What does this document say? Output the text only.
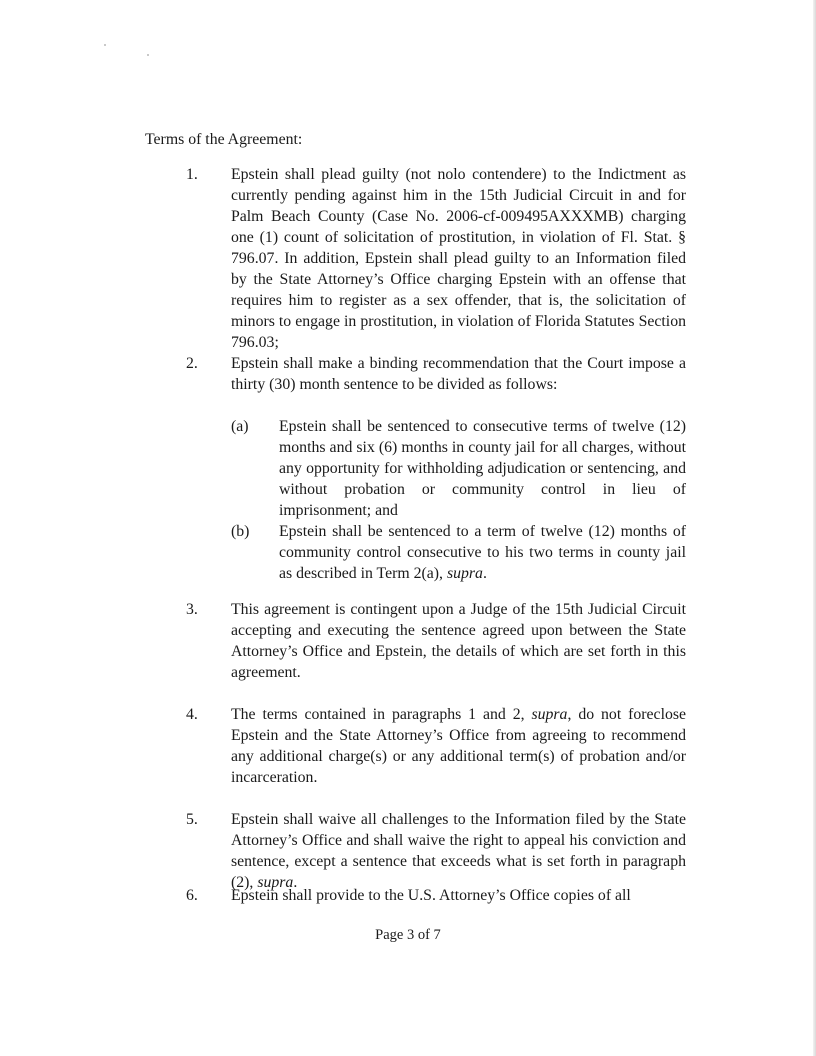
Terms of the Agreement:
1.	Epstein shall plead guilty (not nolo contendere) to the Indictment as currently pending against him in the 15th Judicial Circuit in and for Palm Beach County (Case No. 2006-cf-009495AXXXMB) charging one (1) count of solicitation of prostitution, in violation of Fl. Stat. § 796.07. In addition, Epstein shall plead guilty to an Information filed by the State Attorney’s Office charging Epstein with an offense that requires him to register as a sex offender, that is, the solicitation of minors to engage in prostitution, in violation of Florida Statutes Section 796.03;
2.	Epstein shall make a binding recommendation that the Court impose a thirty (30) month sentence to be divided as follows:
(a)	Epstein shall be sentenced to consecutive terms of twelve (12) months and six (6) months in county jail for all charges, without any opportunity for withholding adjudication or sentencing, and without probation or community control in lieu of imprisonment; and
(b)	Epstein shall be sentenced to a term of twelve (12) months of community control consecutive to his two terms in county jail as described in Term 2(a), supra.
3.	This agreement is contingent upon a Judge of the 15th Judicial Circuit accepting and executing the sentence agreed upon between the State Attorney’s Office and Epstein, the details of which are set forth in this agreement.
4.	The terms contained in paragraphs 1 and 2, supra, do not foreclose Epstein and the State Attorney’s Office from agreeing to recommend any additional charge(s) or any additional term(s) of probation and/or incarceration.
5.	Epstein shall waive all challenges to the Information filed by the State Attorney’s Office and shall waive the right to appeal his conviction and sentence, except a sentence that exceeds what is set forth in paragraph (2), supra.
6.	Epstein shall provide to the U.S. Attorney’s Office copies of all
Page 3 of 7
